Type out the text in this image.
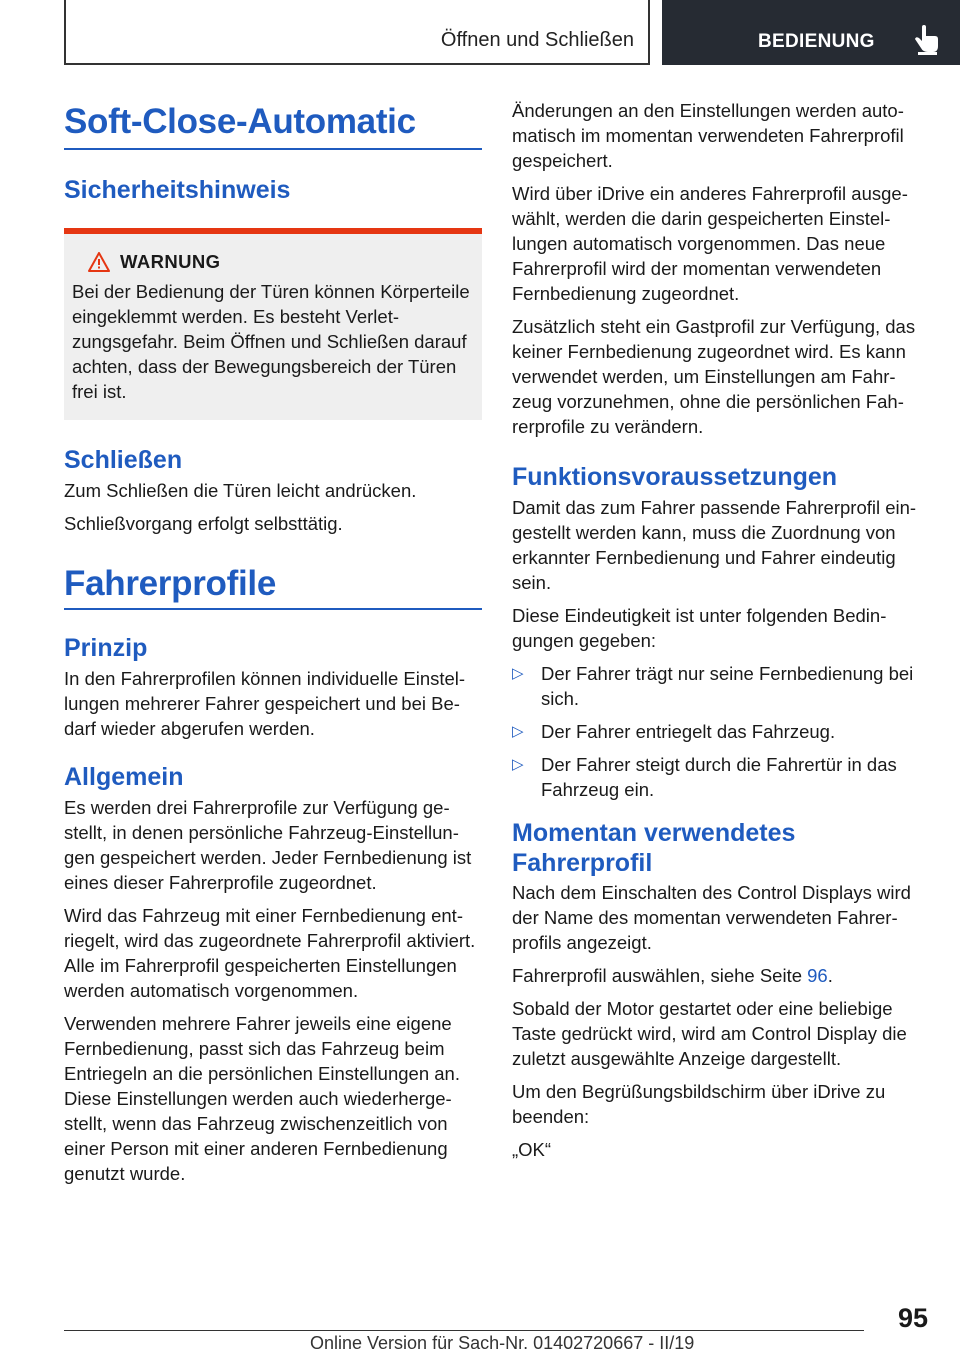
Öffnen und Schließen	BEDIENUNG
Soft-Close-Automatic
Sicherheitshinweis
WARNUNG

Bei der Bedienung der Türen können Körperteile eingeklemmt werden. Es besteht Verletzungsgefahr. Beim Öffnen und Schließen darauf achten, dass der Bewegungsbereich der Türen frei ist.

Schließen

Zum Schließen die Türen leicht andrücken.

Schließvorgang erfolgt selbsttätig.

Fahrerprofile
Prinzip

In den Fahrerprofilen können individuelle Einstellungen mehrerer Fahrer gespeichert und bei Bedarf wieder abgerufen werden.

Allgemein

Es werden drei Fahrerprofile zur Verfügung gestellt, in denen persönliche Fahrzeug-Einstellungen gespeichert werden. Jeder Fernbedienung ist eines dieser Fahrerprofile zugeordnet.

Wird das Fahrzeug mit einer Fernbedienung entriegelt, wird das zugeordnete Fahrerprofil aktiviert. Alle im Fahrerprofil gespeicherten Einstellungen werden automatisch vorgenommen.

Verwenden mehrere Fahrer jeweils eine eigene Fernbedienung, passt sich das Fahrzeug beim Entriegeln an die persönlichen Einstellungen an. Diese Einstellungen werden auch wiederhergestellt, wenn das Fahrzeug zwischenzeitlich von einer Person mit einer anderen Fernbedienung genutzt wurde.

Änderungen an den Einstellungen werden automatisch im momentan verwendeten Fahrerprofil gespeichert.

Wird über iDrive ein anderes Fahrerprofil ausgewählt, werden die darin gespeicherten Einstellungen automatisch vorgenommen. Das neue Fahrerprofil wird der momentan verwendeten Fernbedienung zugeordnet.

Zusätzlich steht ein Gastprofil zur Verfügung, das keiner Fernbedienung zugeordnet wird. Es kann verwendet werden, um Einstellungen am Fahrzeug vorzunehmen, ohne die persönlichen Fahrerprofile zu verändern.

Funktionsvoraussetzungen

Damit das zum Fahrer passende Fahrerprofil eingestellt werden kann, muss die Zuordnung von erkannter Fernbedienung und Fahrer eindeutig sein.

Diese Eindeutigkeit ist unter folgenden Bedingungen gegeben:

▷ Der Fahrer trägt nur seine Fernbedienung bei sich.
▷ Der Fahrer entriegelt das Fahrzeug.
▷ Der Fahrer steigt durch die Fahrertür in das Fahrzeug ein.
Momentan verwendetes Fahrerprofil

Nach dem Einschalten des Control Displays wird der Name des momentan verwendeten Fahrerprofils angezeigt.

Fahrerprofil auswählen, siehe Seite 96.

Sobald der Motor gestartet oder eine beliebige Taste gedrückt wird, wird am Control Display die zuletzt ausgewählte Anzeige dargestellt.

Um den Begrüßungsbildschirm über iDrive zu beenden:

„OK“

95
Online Version für Sach-Nr. 01402720667 - II/19
